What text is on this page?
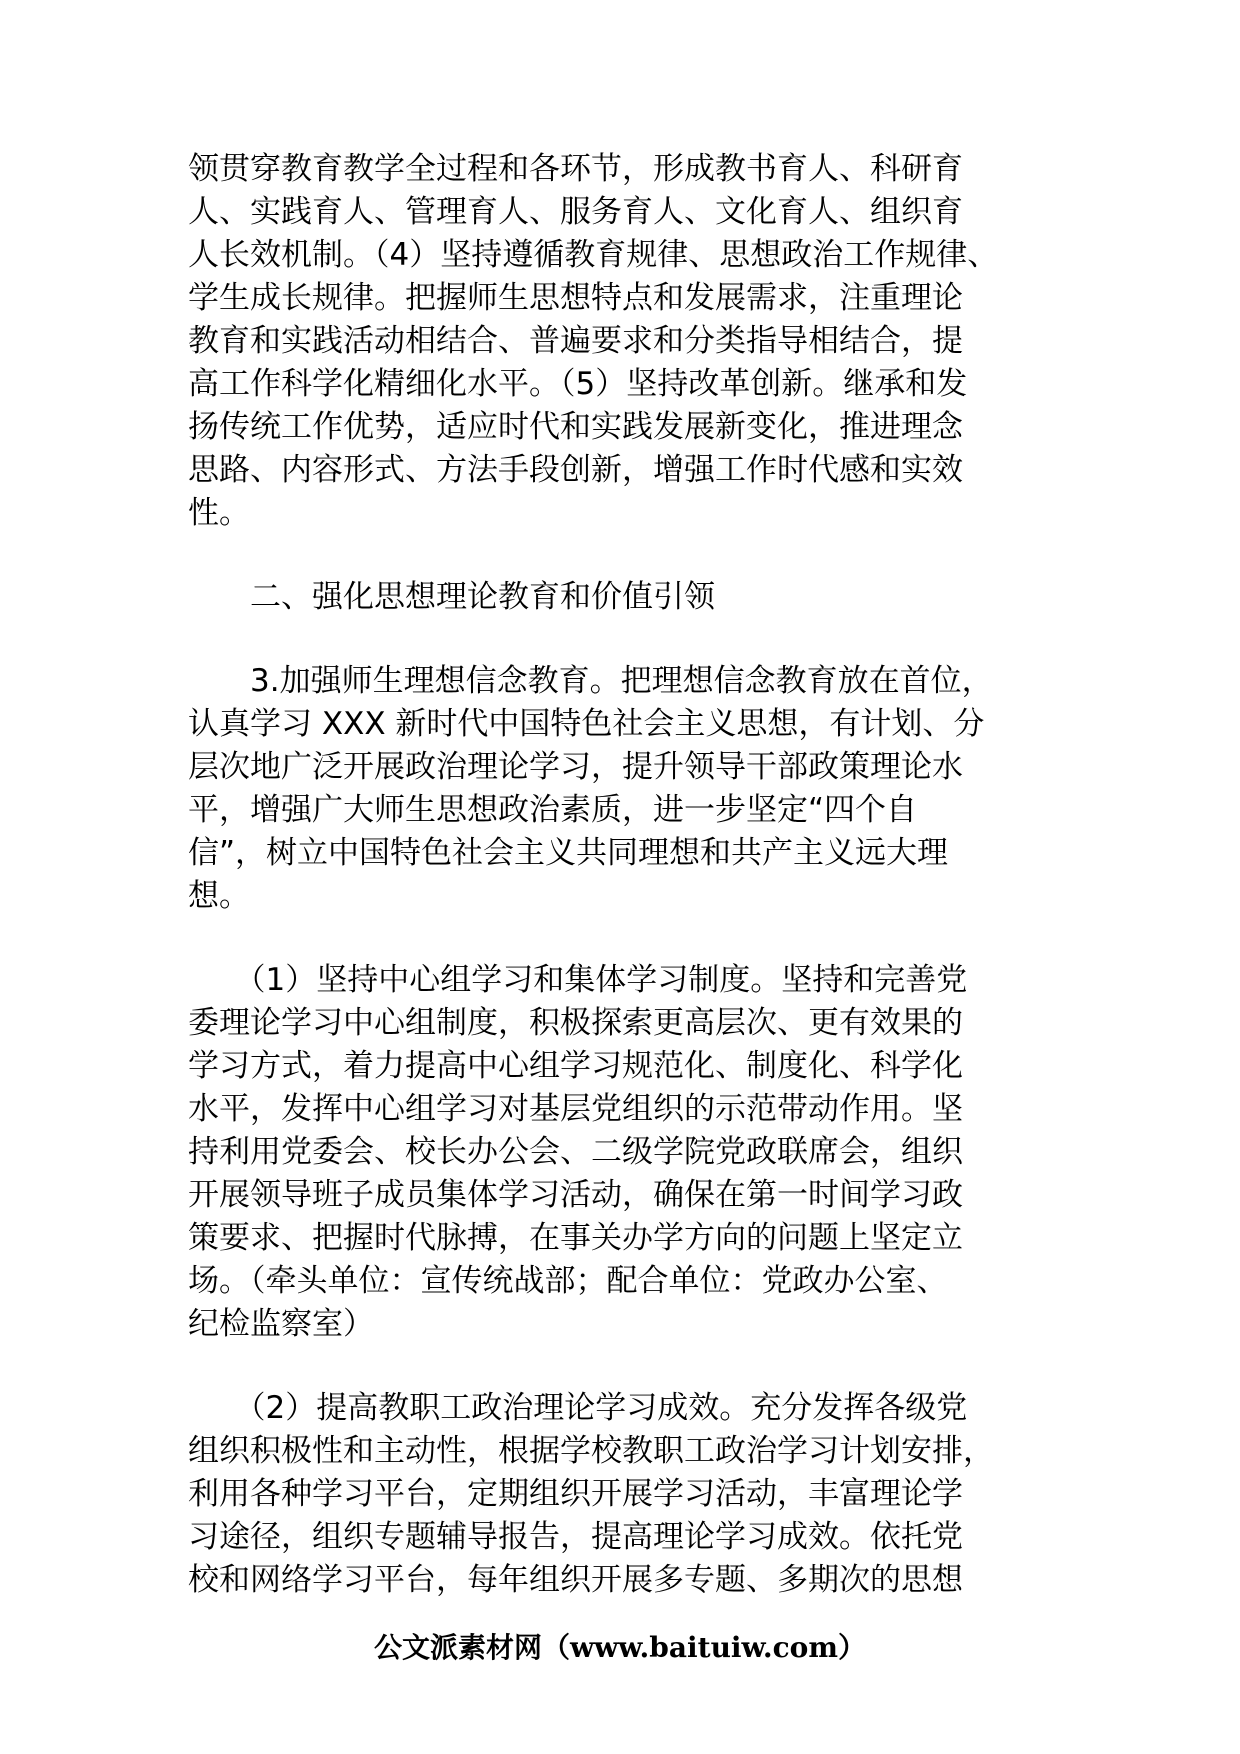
领贯穿教育教学全过程和各环节，形成教书育人、科研育
人、实践育人、管理育人、服务育人、文化育人、组织育
人长效机制。（4）坚持遵循教育规律、思想政治工作规律、
学生成长规律。把握师生思想特点和发展需求，注重理论
教育和实践活动相结合、普遍要求和分类指导相结合，提
高工作科学化精细化水平。（5）坚持改革创新。继承和发
扬传统工作优势，适应时代和实践发展新变化，推进理念
思路、内容形式、方法手段创新，增强工作时代感和实效
性。
　　二、强化思想理论教育和价值引领
　　3.加强师生理想信念教育。把理想信念教育放在首位，
认真学习 XXX 新时代中国特色社会主义思想，有计划、分
层次地广泛开展政治理论学习，提升领导干部政策理论水
平，增强广大师生思想政治素质，进一步坚定“四个自
信”，树立中国特色社会主义共同理想和共产主义远大理
想。
　　（1）坚持中心组学习和集体学习制度。坚持和完善党
委理论学习中心组制度，积极探索更高层次、更有效果的
学习方式，着力提高中心组学习规范化、制度化、科学化
水平，发挥中心组学习对基层党组织的示范带动作用。坚
持利用党委会、校长办公会、二级学院党政联席会，组织
开展领导班子成员集体学习活动，确保在第一时间学习政
策要求、把握时代脉搏，在事关办学方向的问题上坚定立
场。（牵头单位：宣传统战部；配合单位：党政办公室、
纪检监察室）
　　（2）提高教职工政治理论学习成效。充分发挥各级党
组织积极性和主动性，根据学校教职工政治学习计划安排，
利用各种学习平台，定期组织开展学习活动，丰富理论学
习途径，组织专题辅导报告，提高理论学习成效。依托党
校和网络学习平台，每年组织开展多专题、多期次的思想
公文派素材网（www.baituiw.com）
